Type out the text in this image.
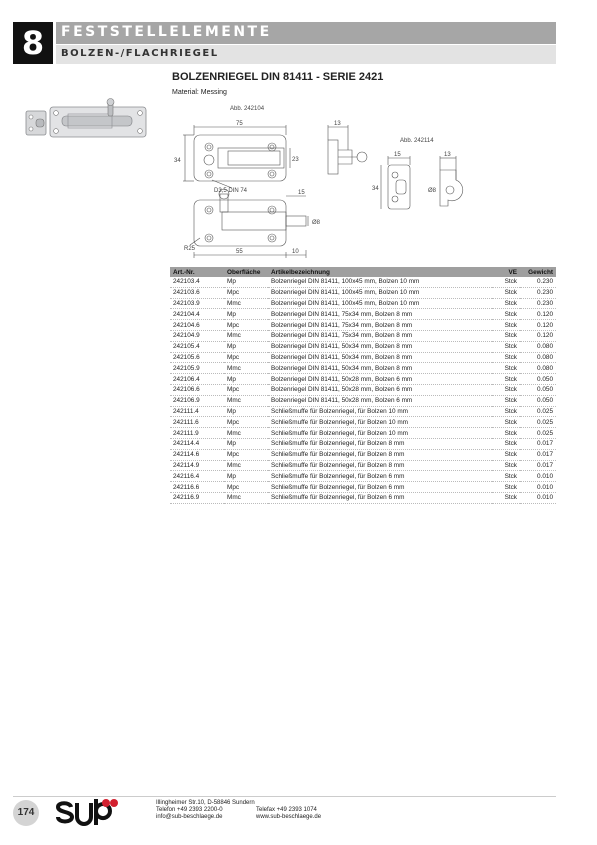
8	FESTSTELLELEMENTE
BOLZEN-/FLACHRIEGEL
BOLZENRIEGEL DIN 81411 - SERIE 2421
Material: Messing
Abb. 242104
Abb. 242114
75
34	23
13
D3,5 DIN 74	15
Ø8
55	10
R25
15	13
34	Ø8
Art.-Nr.	Oberfläche	Artikelbezeichnung	VE	Gewicht
242103.4	Mp	Bolzenriegel DIN 81411, 100x45 mm, Bolzen 10 mm	Stck	0.230
242103.6	Mpc	Bolzenriegel DIN 81411, 100x45 mm, Bolzen 10 mm	Stck	0.230
242103.9	Mmc	Bolzenriegel DIN 81411, 100x45 mm, Bolzen 10 mm	Stck	0.230
242104.4	Mp	Bolzenriegel DIN 81411, 75x34 mm, Bolzen 8 mm	Stck	0.120
242104.6	Mpc	Bolzenriegel DIN 81411, 75x34 mm, Bolzen 8 mm	Stck	0.120
242104.9	Mmc	Bolzenriegel DIN 81411, 75x34 mm, Bolzen 8 mm	Stck	0.120
242105.4	Mp	Bolzenriegel DIN 81411, 50x34 mm, Bolzen 8 mm	Stck	0.080
242105.6	Mpc	Bolzenriegel DIN 81411, 50x34 mm, Bolzen 8 mm	Stck	0.080
242105.9	Mmc	Bolzenriegel DIN 81411, 50x34 mm, Bolzen 8 mm	Stck	0.080
242106.4	Mp	Bolzenriegel DIN 81411, 50x28 mm, Bolzen 6 mm	Stck	0.050
242106.6	Mpc	Bolzenriegel DIN 81411, 50x28 mm, Bolzen 6 mm	Stck	0.050
242106.9	Mmc	Bolzenriegel DIN 81411, 50x28 mm, Bolzen 6 mm	Stck	0.050
242111.4	Mp	Schließmuffe für Bolzenriegel, für Bolzen 10 mm	Stck	0.025
242111.6	Mpc	Schließmuffe für Bolzenriegel, für Bolzen 10 mm	Stck	0.025
242111.9	Mmc	Schließmuffe für Bolzenriegel, für Bolzen 10 mm	Stck	0.025
242114.4	Mp	Schließmuffe für Bolzenriegel, für Bolzen 8 mm	Stck	0.017
242114.6	Mpc	Schließmuffe für Bolzenriegel, für Bolzen 8 mm	Stck	0.017
242114.9	Mmc	Schließmuffe für Bolzenriegel, für Bolzen 8 mm	Stck	0.017
242116.4	Mp	Schließmuffe für Bolzenriegel, für Bolzen 6 mm	Stck	0.010
242116.6	Mpc	Schließmuffe für Bolzenriegel, für Bolzen 6 mm	Stck	0.010
242116.9	Mmc	Schließmuffe für Bolzenriegel, für Bolzen 6 mm	Stck	0.010
174
Illingheimer Str.10, D-58846 Sundern
Telefon +49 2393 2200-0	Telefax +49 2393 1074
info@sub-beschlaege.de	www.sub-beschlaege.de
